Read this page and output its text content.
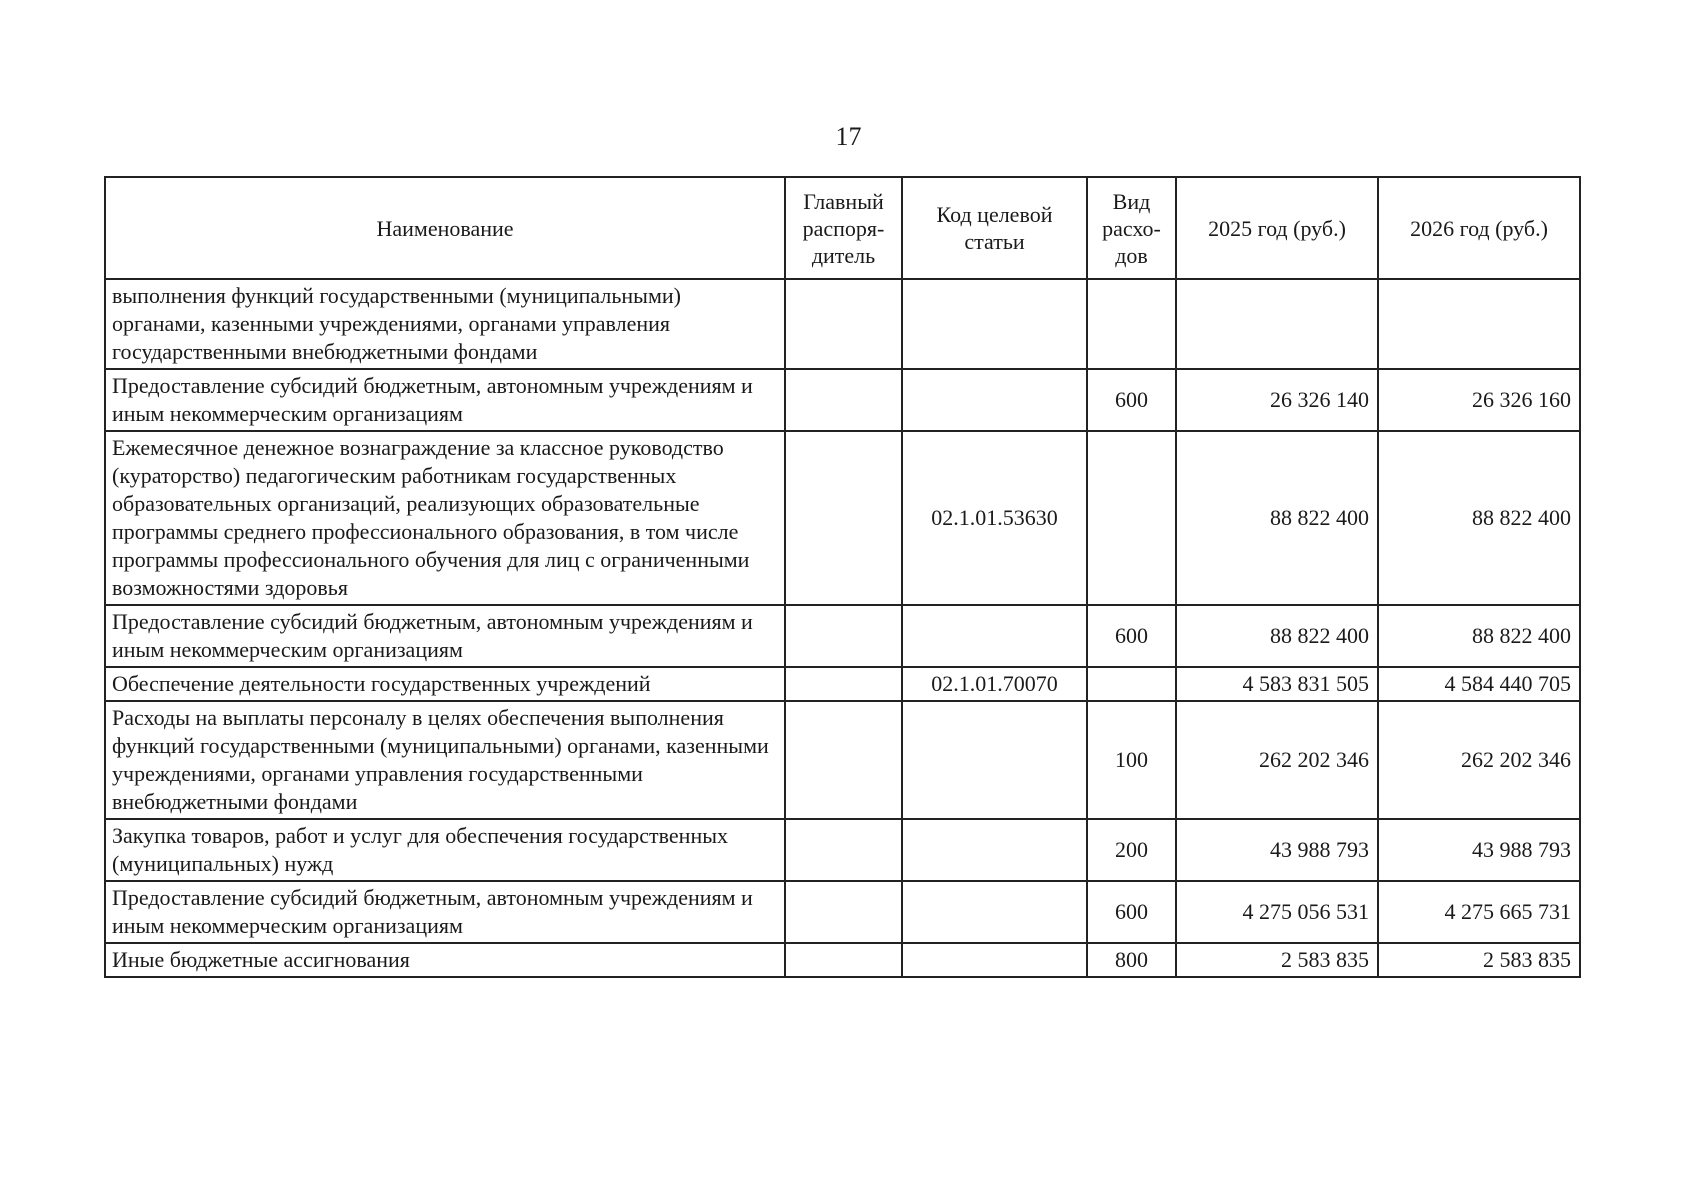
17
Наименование	Главный распоря-дитель	Код целевой статьи	Вид расхо-дов	2025 год (руб.)	2026 год (руб.)
выполнения функций государственными (муниципальными) органами, казенными учреждениями, органами управления государственными внебюджетными фондами					
Предоставление субсидий бюджетным, автономным учреждениям и иным некоммерческим организациям			600	26 326 140	26 326 160
Ежемесячное денежное вознаграждение за классное руководство (кураторство) педагогическим работникам государственных образовательных организаций, реализующих образовательные программы среднего профессионального образования, в том числе программы профессионального обучения для лиц с ограниченными возможностями здоровья		02.1.01.53630		88 822 400	88 822 400
Предоставление субсидий бюджетным, автономным учреждениям и иным некоммерческим организациям			600	88 822 400	88 822 400
Обеспечение деятельности государственных учреждений		02.1.01.70070		4 583 831 505	4 584 440 705
Расходы на выплаты персоналу в целях обеспечения выполнения функций государственными (муниципальными) органами, казенными учреждениями, органами управления государственными внебюджетными фондами			100	262 202 346	262 202 346
Закупка товаров, работ и услуг для обеспечения государственных (муниципальных) нужд			200	43 988 793	43 988 793
Предоставление субсидий бюджетным, автономным учреждениям и иным некоммерческим организациям			600	4 275 056 531	4 275 665 731
Иные бюджетные ассигнования			800	2 583 835	2 583 835
